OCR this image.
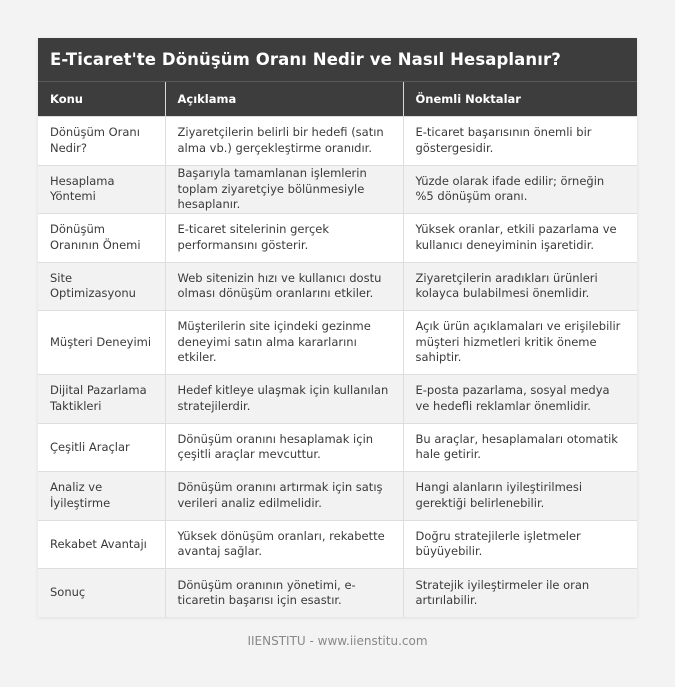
E-Ticaret'te Dönüşüm Oranı Nedir ve Nasıl Hesaplanır?
Konu	Açıklama	Önemli Noktalar
Dönüşüm Oranı Nedir?	Ziyaretçilerin belirli bir hedefi (satın alma vb.) gerçekleştirme oranıdır.	E-ticaret başarısının önemli bir göstergesidir.
Hesaplama Yöntemi	Başarıyla tamamlanan işlemlerin toplam ziyaretçiye bölünmesiyle hesaplanır.	Yüzde olarak ifade edilir; örneğin %5 dönüşüm oranı.
Dönüşüm Oranının Önemi	E-ticaret sitelerinin gerçek performansını gösterir.	Yüksek oranlar, etkili pazarlama ve kullanıcı deneyiminin işaretidir.
Site Optimizasyonu	Web sitenizin hızı ve kullanıcı dostu olması dönüşüm oranlarını etkiler.	Ziyaretçilerin aradıkları ürünleri kolayca bulabilmesi önemlidir.
Müşteri Deneyimi	Müşterilerin site içindeki gezinme deneyimi satın alma kararlarını etkiler.	Açık ürün açıklamaları ve erişilebilir müşteri hizmetleri kritik öneme sahiptir.
Dijital Pazarlama Taktikleri	Hedef kitleye ulaşmak için kullanılan stratejilerdir.	E-posta pazarlama, sosyal medya ve hedefli reklamlar önemlidir.
Çeşitli Araçlar	Dönüşüm oranını hesaplamak için çeşitli araçlar mevcuttur.	Bu araçlar, hesaplamaları otomatik hale getirir.
Analiz ve İyileştirme	Dönüşüm oranını artırmak için satış verileri analiz edilmelidir.	Hangi alanların iyileştirilmesi gerektiği belirlenebilir.
Rekabet Avantajı	Yüksek dönüşüm oranları, rekabette avantaj sağlar.	Doğru stratejilerle işletmeler büyüyebilir.
Sonuç	Dönüşüm oranının yönetimi, e-ticaretin başarısı için esastır.	Stratejik iyileştirmeler ile oran artırılabilir.
IIENSTITU - www.iienstitu.com
